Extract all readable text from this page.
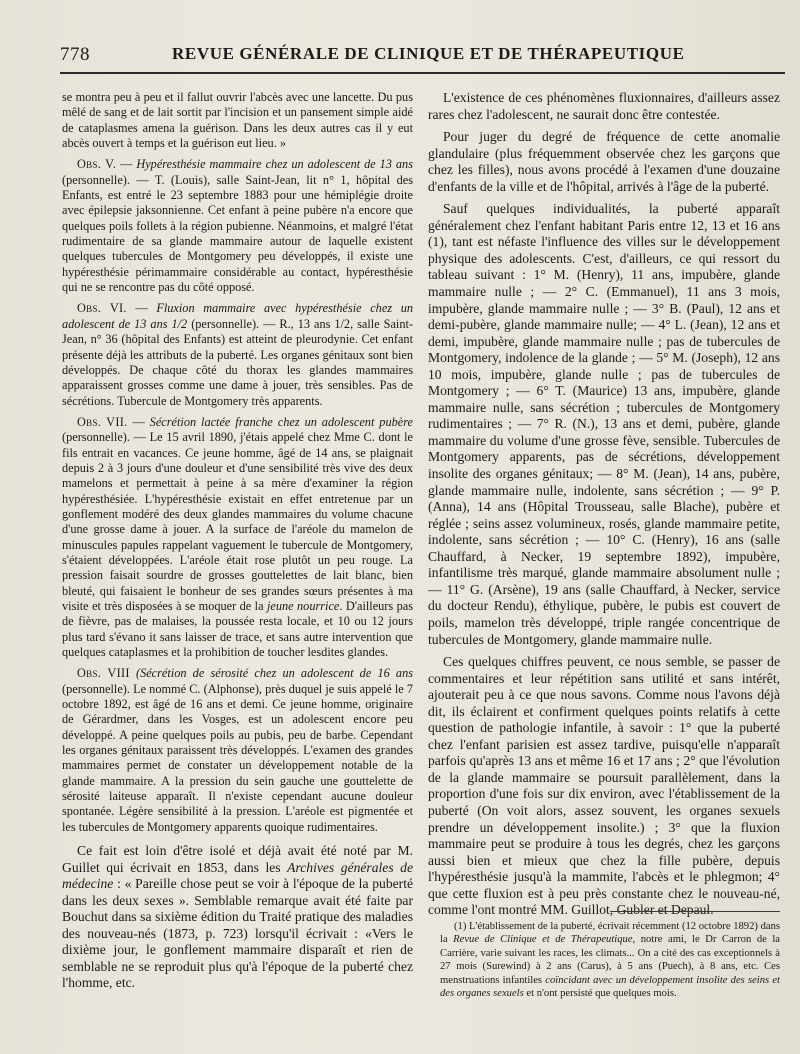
778	REVUE GÉNÉRALE DE CLINIQUE ET DE THÉRAPEUTIQUE

se montra peu à peu et il fallut ouvrir l'abcès avec une lancette. Du pus mêlé de sang et de lait sortit par l'incision et un pansement simple aidé de cataplasmes amena la guérison. Dans les deux autres cas il y eut abcès ouvert à temps et la guérison eut lieu. »

Obs. V. — Hypéresthésie mammaire chez un adolescent de 13 ans (personnelle). — T. (Louis), salle Saint-Jean, lit n° 1, hôpital des Enfants, est entré le 23 septembre 1883 pour une hémiplégie droite avec épilepsie jaksonnienne. Cet enfant à peine pubère n'a encore que quelques poils follets à la région pubienne. Néanmoins, et malgré l'état rudimentaire de sa glande mammaire autour de laquelle existent quelques tubercules de Montgomery peu développés, il existe une hypéresthésie périmammaire considérable au contact, hypéresthésie qui ne se rencontre pas du côté opposé.

Obs. VI. — Fluxion mammaire avec hypéresthésie chez un adolescent de 13 ans 1/2 (personnelle). — R., 13 ans 1/2, salle Saint-Jean, n° 36 (hôpital des Enfants) est atteint de pleurodynie. Cet enfant présente déjà les attributs de la puberté. Les organes génitaux sont bien développés. De chaque côté du thorax les glandes mammaires apparaissent grosses comme une dame à jouer, très sensibles. Pas de sécrétions. Tubercule de Montgomery très apparents.

Obs. VII. — Sécrétion lactée franche chez un adolescent pubère (personnelle). — Le 15 avril 1890, j'étais appelé chez Mme C. dont le fils entrait en vacances. Ce jeune homme, âgé de 14 ans, se plaignait depuis 2 à 3 jours d'une douleur et d'une sensibilité très vive des deux mamelons et permettait à peine à sa mère d'examiner la région hypéresthésiée. L'hypéresthésie existait en effet entretenue par un gonflement modéré des deux glandes mammaires du volume chacune d'une grosse dame à jouer. A la surface de l'aréole du mamelon de minuscules papules rappelant vaguement le tubercule de Montgomery, s'étaient développées. L'aréole était rose plutôt un peu rouge. La pression faisait sourdre de grosses gouttelettes de lait blanc, bien bleuté, qui faisaient le bonheur de ses grandes sœurs présentes à ma visite et très disposées à se moquer de la jeune nourrice. D'ailleurs pas de fièvre, pas de malaises, la poussée resta locale, et 10 ou 12 jours plus tard s'évano it sans laisser de trace, et sans autre intervention que quelques cataplasmes et la prohibition de toucher lesdites glandes.

Obs. VIII (Sécrétion de sérosité chez un adolescent de 16 ans (personnelle). Le nommé C. (Alphonse), près duquel je suis appelé le 7 octobre 1892, est âgé de 16 ans et demi. Ce jeune homme, originaire de Gérardmer, dans les Vosges, est un adolescent encore peu développé. A peine quelques poils au pubis, peu de barbe. Cependant les organes génitaux paraissent très développés. L'examen des grandes mammaires permet de constater un développement notable de la glande mammaire. A la pression du sein gauche une gouttelette de sérosité laiteuse apparaît. Il n'existe cependant aucune douleur spontanée. Légère sensibilité à la pression. L'aréole est pigmentée et les tubercules de Montgomery apparents quoique rudimentaires.

Ce fait est loin d'être isolé et déjà avait été noté par M. Guillet qui écrivait en 1853, dans les Archives générales de médecine : « Pareille chose peut se voir à l'époque de la puberté dans les deux sexes ». Semblable remarque avait été faite par Bouchut dans sa sixième édition du Traité pratique des maladies des nouveau-nés (1873, p. 723) lorsqu'il écrivait : «Vers le dixième jour, le gonflement mammaire disparaît et rien de semblable ne se reproduit plus qu'à l'époque de la puberté chez l'homme, etc.

L'existence de ces phénomènes fluxionnaires, d'ailleurs assez rares chez l'adolescent, ne saurait donc être contestée.

Pour juger du degré de fréquence de cette anomalie glandulaire (plus fréquemment observée chez les garçons que chez les filles), nous avons procédé à l'examen d'une douzaine d'enfants de la ville et de l'hôpital, arrivés à l'âge de la puberté.

Sauf quelques individualités, la puberté apparaît généralement chez l'enfant habitant Paris entre 12, 13 et 16 ans (1), tant est néfaste l'influence des villes sur le développement physique des adolescents. C'est, d'ailleurs, ce qui ressort du tableau suivant : 1° M. (Henry), 11 ans, impubère, glande mammaire nulle ; — 2° C. (Emmanuel), 11 ans 3 mois, impubère, glande mammaire nulle ; — 3° B. (Paul), 12 ans et demi-pubère, glande mammaire nulle; — 4° L. (Jean), 12 ans et demi, impubère, glande mammaire nulle ; pas de tubercules de Montgomery, indolence de la glande ; — 5° M. (Joseph), 12 ans 10 mois, impubère, glande nulle ; pas de tubercules de Montgomery ; — 6° T. (Maurice) 13 ans, impubère, glande mammaire nulle, sans sécrétion ; tubercules de Montgomery rudimentaires ; — 7° R. (N.), 13 ans et demi, pubère, glande mammaire du volume d'une grosse fève, sensible. Tubercules de Montgomery apparents, pas de sécrétions, développement insolite des organes génitaux; — 8° M. (Jean), 14 ans, pubère, glande mammaire nulle, indolente, sans sécrétion ; — 9° P. (Anna), 14 ans (Hôpital Trousseau, salle Blache), pubère et réglée ; seins assez volumineux, rosés, glande mammaire petite, indolente, sans sécrétion ; — 10° C. (Henry), 16 ans (salle Chauffard, à Necker, 19 septembre 1892), impubère, infantilisme très marqué, glande mammaire absolument nulle ; — 11° G. (Arsène), 19 ans (salle Chauffard, à Necker, service du docteur Rendu), éthylique, pubère, le pubis est couvert de poils, mamelon très développé, triple rangée concentrique de tubercules de Montgomery, glande mammaire nulle.

Ces quelques chiffres peuvent, ce nous semble, se passer de commentaires et leur répétition sans utilité et sans intérêt, ajouterait peu à ce que nous savons. Comme nous l'avons déjà dit, ils éclairent et confirment quelques points relatifs à cette question de pathologie infantile, à savoir : 1° que la puberté chez l'enfant parisien est assez tardive, puisqu'elle n'apparaît parfois qu'après 13 ans et même 16 et 17 ans ; 2° que l'évolution de la glande mammaire se poursuit parallèlement, dans la proportion d'une fois sur dix environ, avec l'établissement de la puberté (On voit alors, assez souvent, les organes sexuels prendre un développement insolite.) ; 3° que la fluxion mammaire peut se produire à tous les degrés, chez les garçons aussi bien et mieux que chez la fille pubère, depuis l'hypéresthésie jusqu'à la mammite, l'abcès et le phlegmon; 4° que cette fluxion est à peu près constante chez le nouveau-né, comme l'ont montré MM. Guillot, Gubler et Depaul.

(1) L'établissement de la puberté, écrivait récemment (12 octobre 1892) dans la Revue de Clinique et de Thérapeutique, notre ami, le Dr Carron de la Carrière, varie suivant les races, les climats... On a cité des cas exceptionnels à 27 mois (Surewind) à 2 ans (Carus), à 5 ans (Puech), à 8 ans, etc. Ces menstruations infantiles coïncidant avec un développement insolite des seins et des organes sexuels et n'ont persisté que quelques mois.
